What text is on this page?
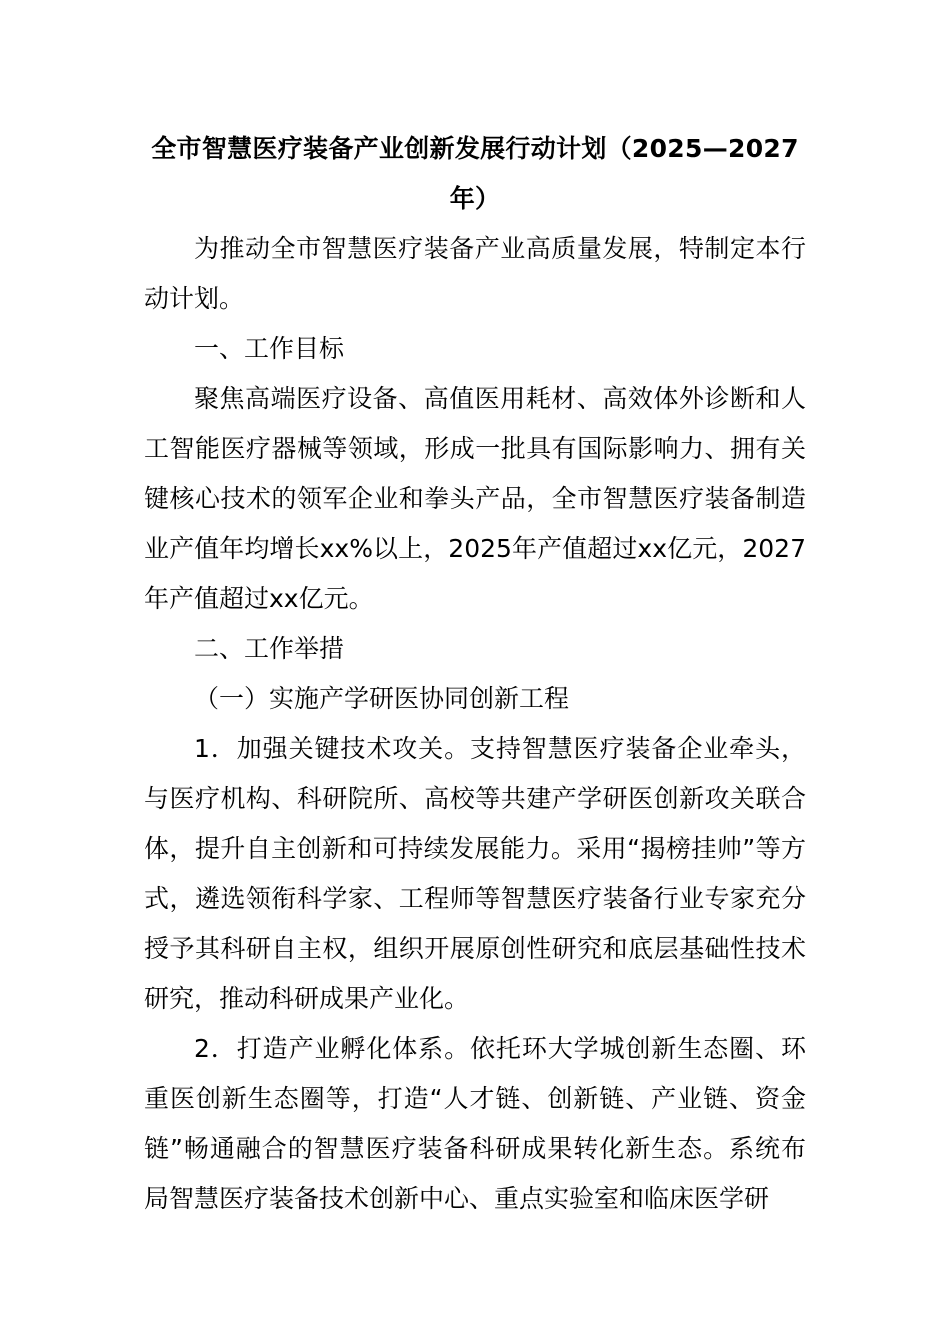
全市智慧医疗装备产业创新发展行动计划（2025—2027年）

为推动全市智慧医疗装备产业高质量发展，特制定本行动计划。

一、工作目标

聚焦高端医疗设备、高值医用耗材、高效体外诊断和人工智能医疗器械等领域，形成一批具有国际影响力、拥有关键核心技术的领军企业和拳头产品，全市智慧医疗装备制造业产值年均增长xx%以上，2025年产值超过xx亿元，2027年产值超过xx亿元。

二、工作举措

（一）实施产学研医协同创新工程

1．加强关键技术攻关。支持智慧医疗装备企业牵头，与医疗机构、科研院所、高校等共建产学研医创新攻关联合体，提升自主创新和可持续发展能力。采用“揭榜挂帅”等方式，遴选领衔科学家、工程师等智慧医疗装备行业专家充分授予其科研自主权，组织开展原创性研究和底层基础性技术研究，推动科研成果产业化。

2．打造产业孵化体系。依托环大学城创新生态圈、环重医创新生态圈等，打造“人才链、创新链、产业链、资金链”畅通融合的智慧医疗装备科研成果转化新生态。系统布局智慧医疗装备技术创新中心、重点实验室和临床医学研
